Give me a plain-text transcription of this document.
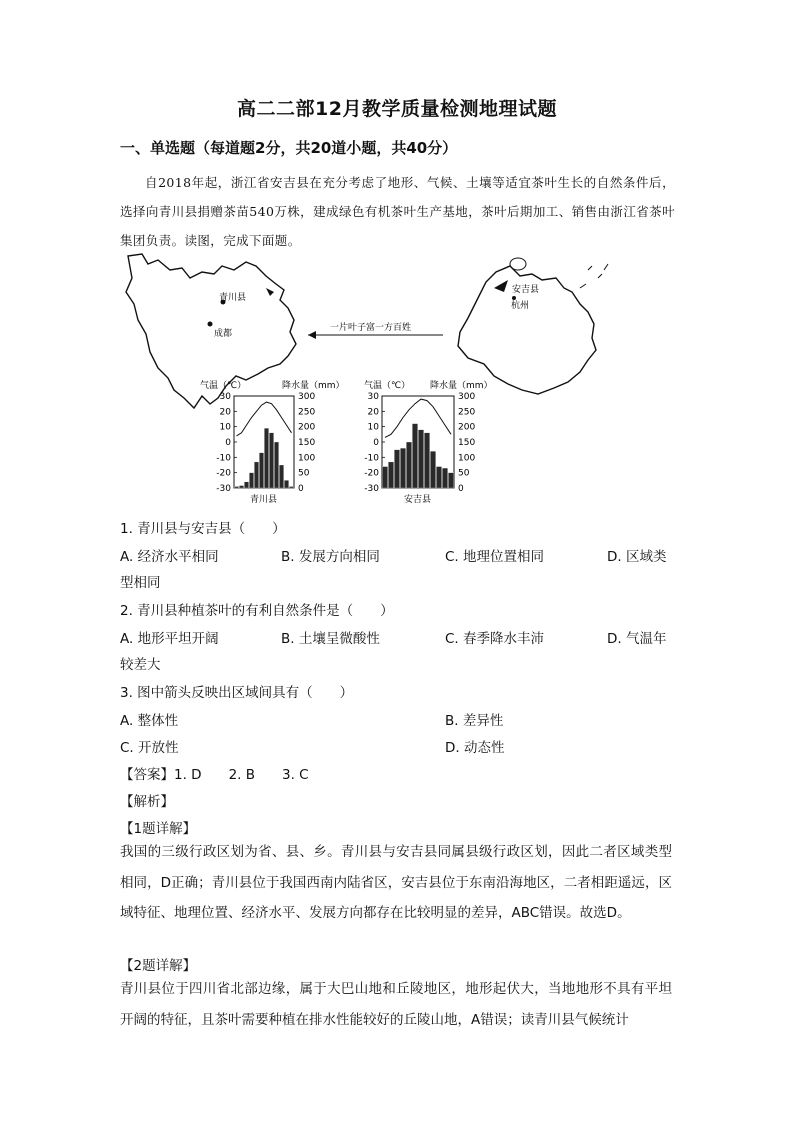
高二二部12月教学质量检测地理试题
一、单选题（每道题2分，共20道小题，共40分）
自2018年起，浙江省安吉县在充分考虑了地形、气候、土壤等适宜茶叶生长的自然条件后，选择向青川县捐赠茶苗540万株，建成绿色有机茶叶生产基地，茶叶后期加工、销售由浙江省茶叶集团负责。读图，完成下面题。
青川县
成都
一片叶子富一方百姓
安吉县
杭州
气温（℃）	降水量（mm）
30
20
10
0
-10
-20
-30
300
250
200
150
100
50
0
青川县
气温（℃） 降水量（mm）
30
20
10
0
-10
-20
-30
300
250
200
150
100
50
0
安吉县
1. 青川县与安吉县（　　）
A. 经济水平相同	B. 发展方向相同	C. 地理位置相同	D. 区域类
型相同
2. 青川县种植茶叶的有利自然条件是（　　）
A. 地形平坦开阔	B. 土壤呈微酸性	C. 春季降水丰沛	D. 气温年
较差大
3. 图中箭头反映出区域间具有（　　）
A. 整体性	B. 差异性
C. 开放性	D. 动态性
【答案】1. D　　2. B　　3. C
【解析】
【1题详解】
我国的三级行政区划为省、县、乡。青川县与安吉县同属县级行政区划，因此二者区域类型相同，D正确；青川县位于我国西南内陆省区，安吉县位于东南沿海地区，二者相距遥远，区域特征、地理位置、经济水平、发展方向都存在比较明显的差异，ABC错误。故选D。
【2题详解】
青川县位于四川省北部边缘，属于大巴山地和丘陵地区，地形起伏大，当地地形不具有平坦开阔的特征，且茶叶需要种植在排水性能较好的丘陵山地，A错误；读青川县气候统计
